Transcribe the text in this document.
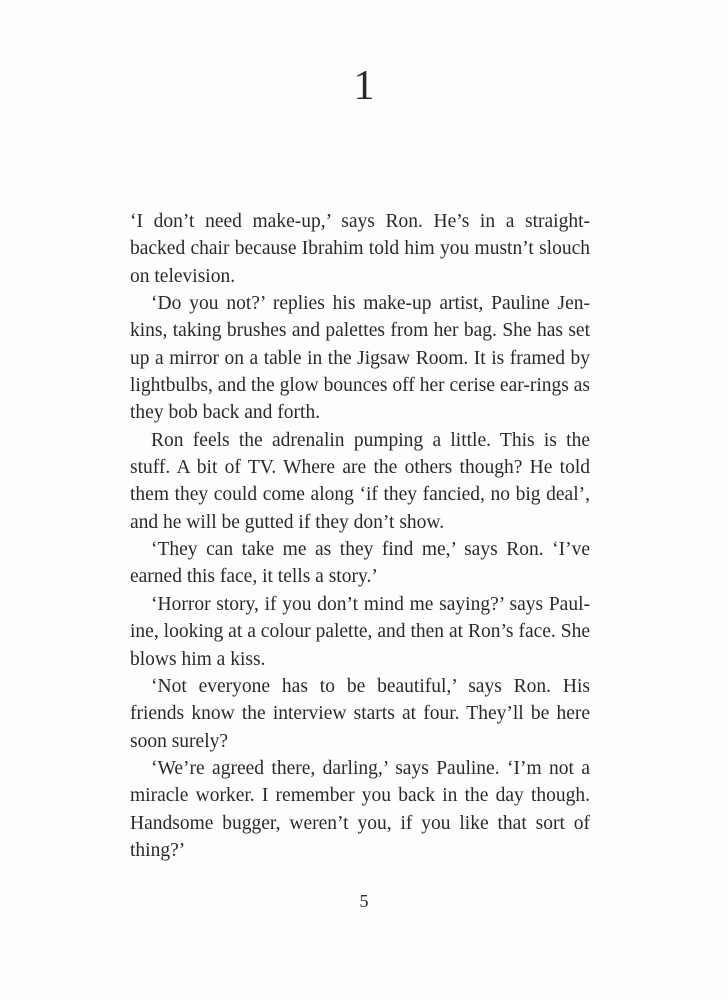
1

‘I don’t need make-up,’ says Ron. He’s in a straight-backed chair because Ibrahim told him you mustn’t slouch on television.

‘Do you not?’ replies his make-up artist, Pauline Jen-kins, taking brushes and palettes from her bag. She has set up a mirror on a table in the Jigsaw Room. It is framed by lightbulbs, and the glow bounces off her cerise ear-rings as they bob back and forth.

Ron feels the adrenalin pumping a little. This is the stuff. A bit of TV. Where are the others though? He told them they could come along ‘if they fancied, no big deal’, and he will be gutted if they don’t show.

‘They can take me as they find me,’ says Ron. ‘I’ve earned this face, it tells a story.’

‘Horror story, if you don’t mind me saying?’ says Paul-ine, looking at a colour palette, and then at Ron’s face. She blows him a kiss.

‘Not everyone has to be beautiful,’ says Ron. His friends know the interview starts at four. They’ll be here soon surely?

‘We’re agreed there, darling,’ says Pauline. ‘I’m not a miracle worker. I remember you back in the day though. Handsome bugger, weren’t you, if you like that sort of thing?’

5
